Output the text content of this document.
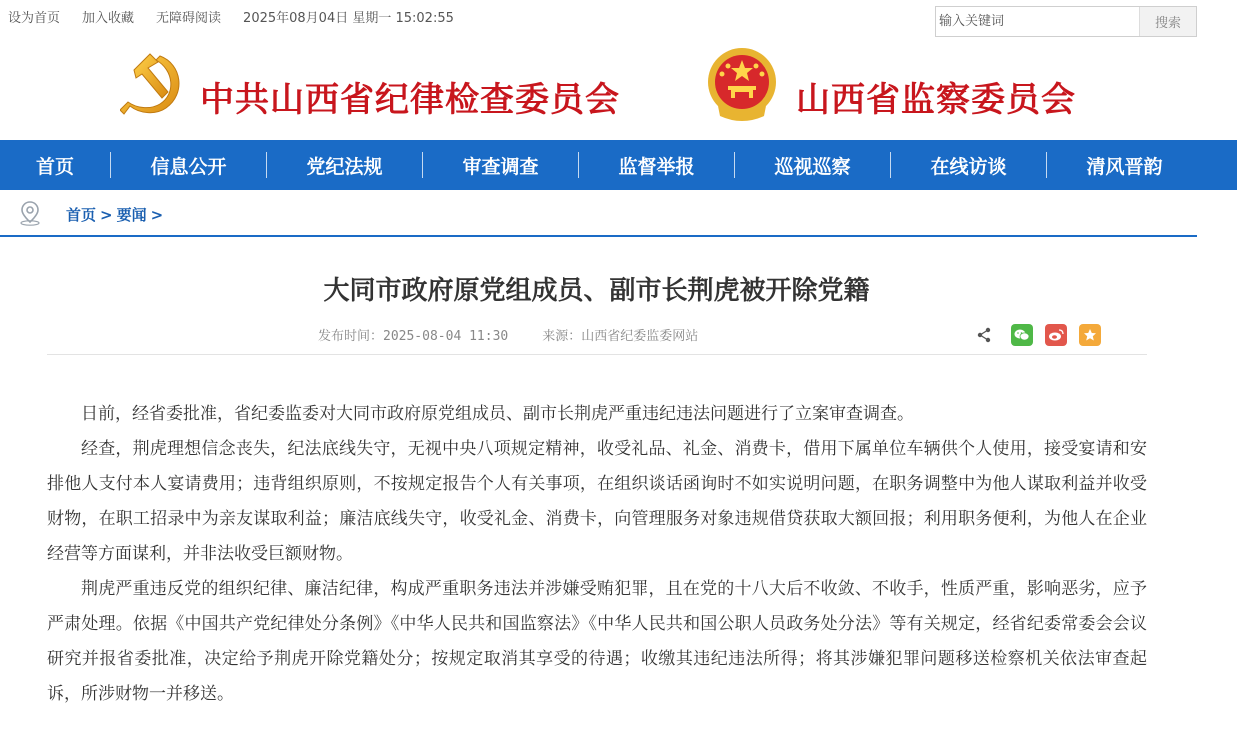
设为首页 加入收藏 无障碍阅读 2025年08月04日 星期一 15:02:55
输入关键词	搜索
中共山西省纪律检查委员会	山西省监察委员会
首页	信息公开	党纪法规	审查调查	监督举报	巡视巡察	在线访谈	清风晋韵
首页 > 要闻 >
大同市政府原党组成员、副市长荆虎被开除党籍
发布时间：2025-08-04 11:30	来源：山西省纪委监委网站

日前，经省委批准，省纪委监委对大同市政府原党组成员、副市长荆虎严重违纪违法问题进行了立案审查调查。

经查，荆虎理想信念丧失，纪法底线失守，无视中央八项规定精神，收受礼品、礼金、消费卡，借用下属单位车辆供个人使用，接受宴请和安排他人支付本人宴请费用；违背组织原则，不按规定报告个人有关事项，在组织谈话函询时不如实说明问题，在职务调整中为他人谋取利益并收受财物，在职工招录中为亲友谋取利益；廉洁底线失守，收受礼金、消费卡，向管理服务对象违规借贷获取大额回报；利用职务便利，为他人在企业经营等方面谋利，并非法收受巨额财物。

荆虎严重违反党的组织纪律、廉洁纪律，构成严重职务违法并涉嫌受贿犯罪，且在党的十八大后不收敛、不收手，性质严重，影响恶劣，应予严肃处理。依据《中国共产党纪律处分条例》《中华人民共和国监察法》《中华人民共和国公职人员政务处分法》等有关规定，经省纪委常委会会议研究并报省委批准，决定给予荆虎开除党籍处分；按规定取消其享受的待遇；收缴其违纪违法所得；将其涉嫌犯罪问题移送检察机关依法审查起诉，所涉财物一并移送。
